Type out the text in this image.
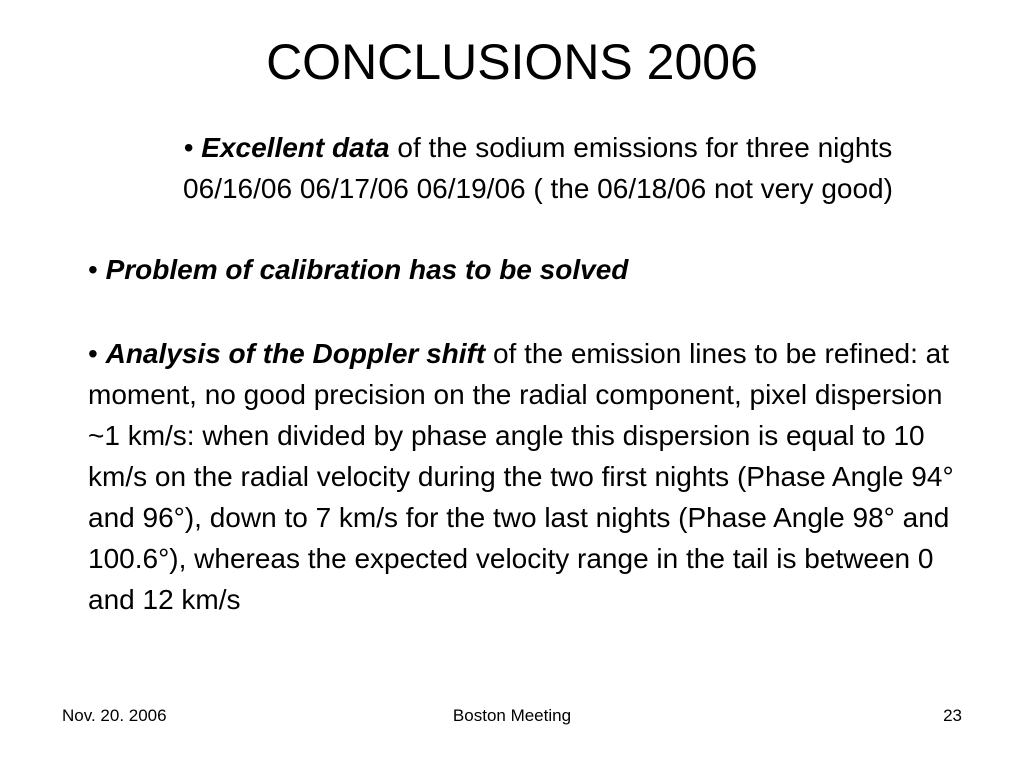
CONCLUSIONS 2006
• Excellent data of the sodium emissions for three nights
06/16/06 06/17/06 06/19/06 ( the 06/18/06 not very good)
• Problem of calibration has to be solved
• Analysis of the Doppler shift of the emission lines to be refined: at moment, no good precision on the radial component, pixel dispersion ~1 km/s: when divided by phase angle this dispersion is equal to 10 km/s on the radial velocity during the two first nights (Phase Angle 94° and 96°), down to 7 km/s for the two last nights (Phase Angle 98° and 100.6°), whereas the expected velocity range in the tail is between 0 and 12 km/s
Nov. 20. 2006	Boston Meeting	23
